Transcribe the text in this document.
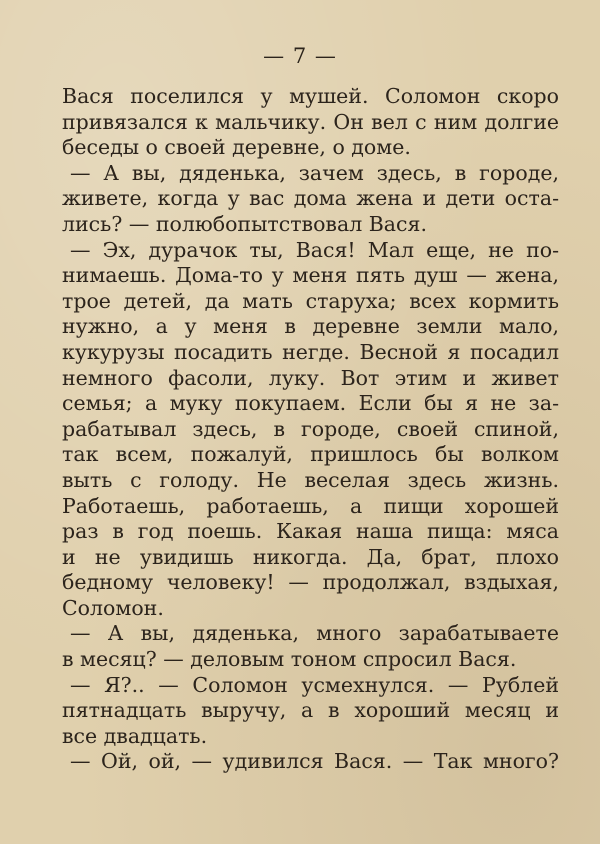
— 7 —
Вася поселился у мушей. Соломон скоро
привязался к мальчику. Он вел с ним долгие
беседы о своей деревне, о доме.
— А вы, дяденька, зачем здесь, в городе,
живете, когда у вас дома жена и дети оста-
лись? — полюбопытствовал Вася.
— Эх, дурачок ты, Вася! Мал еще, не по-
нимаешь. Дома-то у меня пять душ — жена,
трое детей, да мать старуха; всех кормить
нужно, а у меня в деревне земли мало,
кукурузы посадить негде. Весной я посадил
немного фасоли, луку. Вот этим и живет
семья; а муку покупаем. Если бы я не за-
рабатывал здесь, в городе, своей спиной,
так всем, пожалуй, пришлось бы волком
выть с голоду. Не веселая здесь жизнь.
Работаешь, работаешь, а пищи хорошей
раз в год поешь. Какая наша пища: мяса
и не увидишь никогда. Да, брат, плохо
бедному человеку! — продолжал, вздыхая,
Соломон.
— А вы, дяденька, много зарабатываете
в месяц? — деловым тоном спросил Вася.
— Я?.. — Соломон усмехнулся. — Рублей
пятнадцать выручу, а в хороший месяц и
все двадцать.
— Ой, ой, — удивился Вася. — Так много?
